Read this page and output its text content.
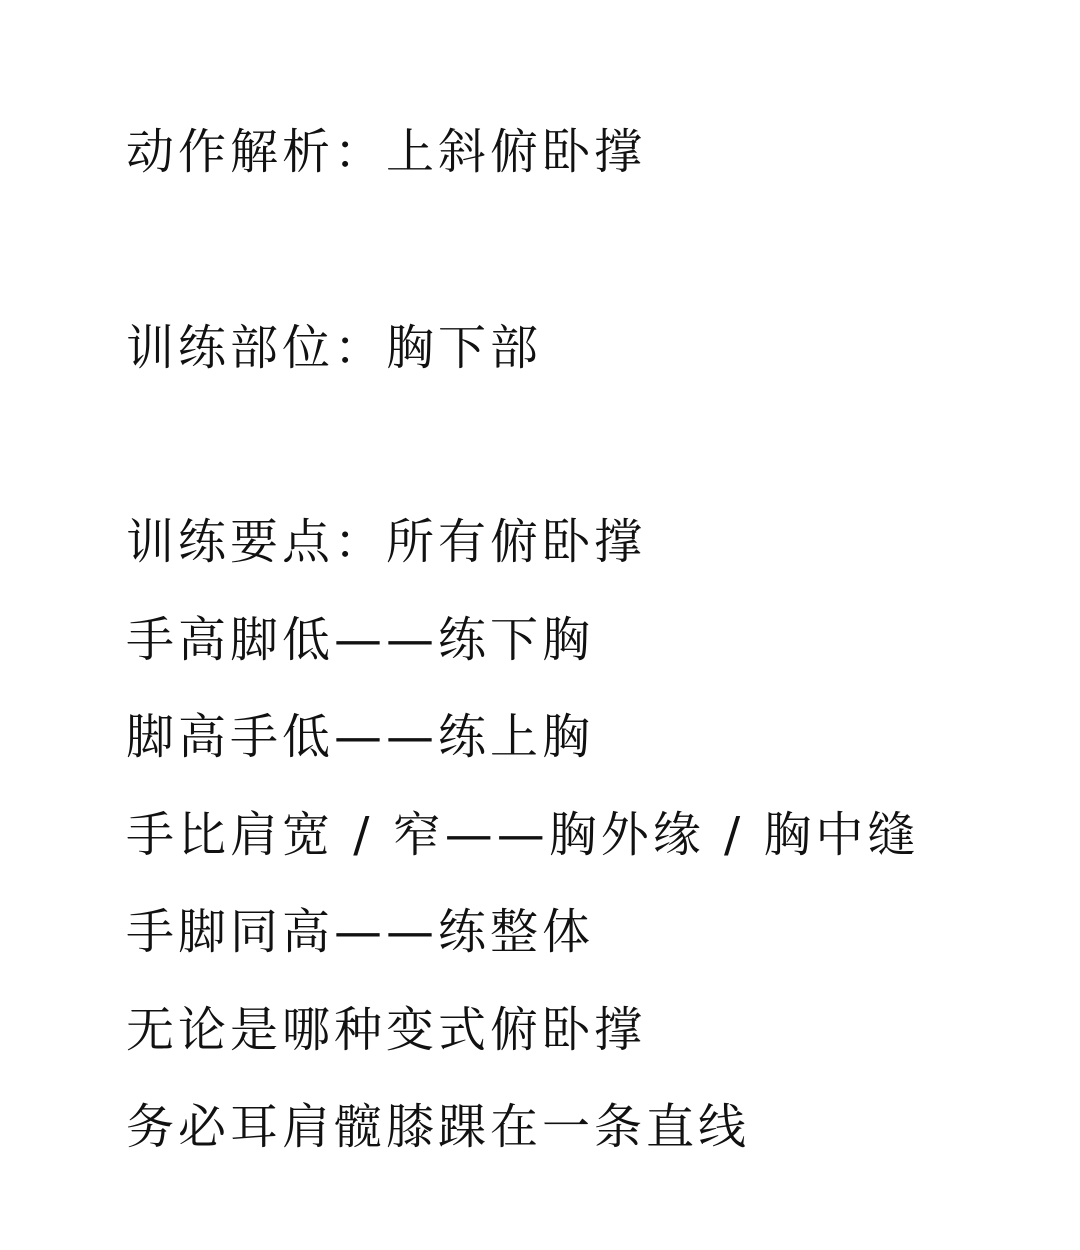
动作解析：上斜俯卧撑
训练部位：胸下部
训练要点：所有俯卧撑
手高脚低——练下胸
脚高手低——练上胸
手比肩宽 / 窄——胸外缘 / 胸中缝
手脚同高——练整体
无论是哪种变式俯卧撑
务必耳肩髋膝踝在一条直线
